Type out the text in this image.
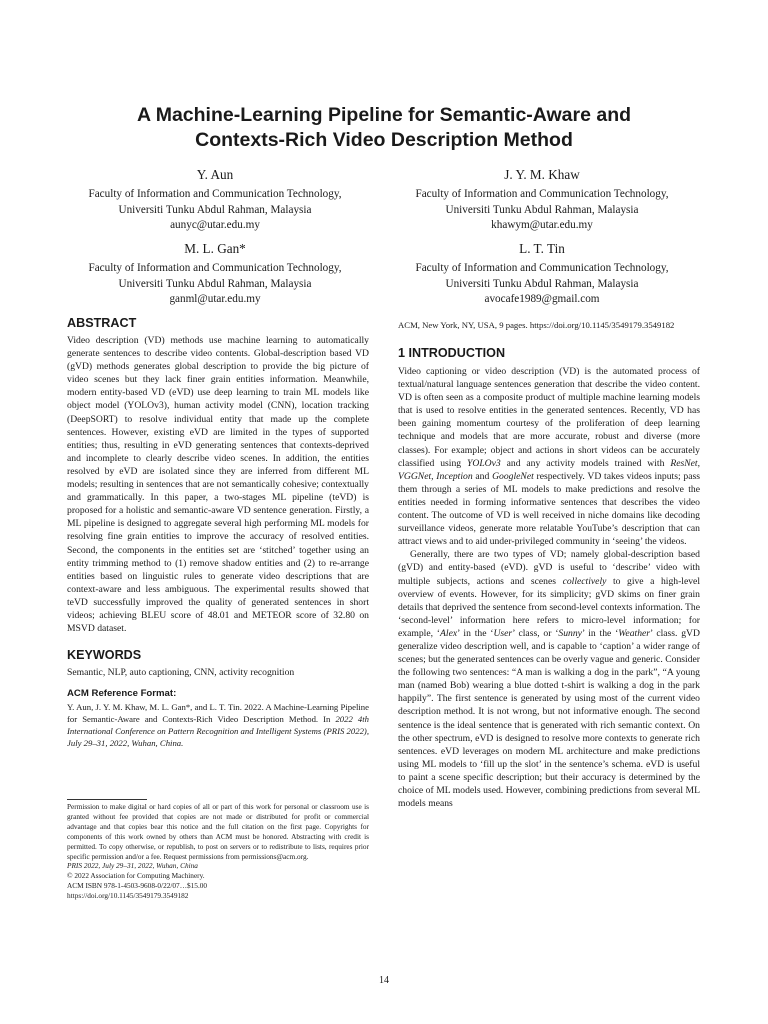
A Machine-Learning Pipeline for Semantic-Aware and
Contexts-Rich Video Description Method
Y. Aun
Faculty of Information and Communication Technology,
Universiti Tunku Abdul Rahman, Malaysia
aunyc@utar.edu.my
J. Y. M. Khaw
Faculty of Information and Communication Technology,
Universiti Tunku Abdul Rahman, Malaysia
khawym@utar.edu.my
M. L. Gan*
Faculty of Information and Communication Technology,
Universiti Tunku Abdul Rahman, Malaysia
ganml@utar.edu.my
L. T. Tin
Faculty of Information and Communication Technology,
Universiti Tunku Abdul Rahman, Malaysia
avocafe1989@gmail.com
ABSTRACT

Video description (VD) methods use machine learning to automatically generate sentences to describe video contents. Global-description based VD (gVD) methods generates global description to provide the big picture of video scenes but they lack finer grain entities information. Meanwhile, modern entity-based VD (eVD) use deep learning to train ML models like object model (YOLOv3), human activity model (CNN), location tracking (DeepSORT) to resolve individual entity that made up the complete sentences. However, existing eVD are limited in the types of supported entities; thus, resulting in eVD generating sentences that contexts-deprived and incomplete to clearly describe video scenes. In addition, the entities resolved by eVD are isolated since they are inferred from different ML models; resulting in sentences that are not semantically cohesive; contextually and grammatically. In this paper, a two-stages ML pipeline (teVD) is proposed for a holistic and semantic-aware VD sentence generation. Firstly, a ML pipeline is designed to aggregate several high performing ML models for resolving fine grain entities to improve the accuracy of resolved entities. Second, the components in the entities set are ‘stitched’ together using an entity trimming method to (1) remove shadow entities and (2) to re-arrange entities based on linguistic rules to generate video descriptions that are context-aware and less ambiguous. The experimental results showed that teVD successfully improved the quality of generated sentences in short videos; achieving BLEU score of 48.01 and METEOR score of 32.80 on MSVD dataset.

KEYWORDS

Semantic, NLP, auto captioning, CNN, activity recognition

ACM Reference Format:

Y. Aun, J. Y. M. Khaw, M. L. Gan*, and L. T. Tin. 2022. A Machine-Learning Pipeline for Semantic-Aware and Contexts-Rich Video Description Method. In 2022 4th International Conference on Pattern Recognition and Intelligent Systems (PRIS 2022), July 29–31, 2022, Wuhan, China.

Permission to make digital or hard copies of all or part of this work for personal or classroom use is granted without fee provided that copies are not made or distributed for profit or commercial advantage and that copies bear this notice and the full citation on the first page. Copyrights for components of this work owned by others than ACM must be honored. Abstracting with credit is permitted. To copy otherwise, or republish, to post on servers or to redistribute to lists, requires prior specific permission and/or a fee. Request permissions from permissions@acm.org.

PRIS 2022, July 29–31, 2022, Wuhan, China

© 2022 Association for Computing Machinery.

ACM ISBN 978-1-4503-9608-0/22/07…$15.00

https://doi.org/10.1145/3549179.3549182

ACM, New York, NY, USA, 9 pages. https://doi.org/10.1145/3549179.3549182

1 INTRODUCTION

Video captioning or video description (VD) is the automated process of textual/natural language sentences generation that describe the video content. VD is often seen as a composite product of multiple machine learning models that is used to resolve entities in the generated sentences. Recently, VD has been gaining momentum courtesy of the proliferation of deep learning technique and models that are more accurate, robust and diverse (more classes). For example; object and actions in short videos can be accurately classified using YOLOv3 and any activity models trained with ResNet, VGGNet, Inception and GoogleNet respectively. VD takes videos inputs; pass them through a series of ML models to make predictions and resolve the entities needed in forming informative sentences that describes the video content. The outcome of VD is well received in niche domains like decoding surveillance videos, generate more relatable YouTube’s description that can attract views and to aid under-privileged community in ‘seeing’ the videos.

Generally, there are two types of VD; namely global-description based (gVD) and entity-based (eVD). gVD is useful to ‘describe’ video with multiple subjects, actions and scenes collectively to give a high-level overview of events. However, for its simplicity; gVD skims on finer grain details that deprived the sentence from second-level contexts information. The ‘second-level’ information here refers to micro-level information; for example, ‘Alex’ in the ‘User’ class, or ‘Sunny’ in the ‘Weather’ class. gVD generalize video description well, and is capable to ‘caption’ a wider range of scenes; but the generated sentences can be overly vague and generic. Consider the following two sentences: “A man is walking a dog in the park”, “A young man (named Bob) wearing a blue dotted t-shirt is walking a dog in the park happily”. The first sentence is generated by using most of the current video description method. It is not wrong, but not informative enough. The second sentence is the ideal sentence that is generated with rich semantic context. On the other spectrum, eVD is designed to resolve more contexts to generate rich sentences. eVD leverages on modern ML architecture and make predictions using ML models to ‘fill up the slot’ in the sentence’s schema. eVD is useful to paint a scene specific description; but their accuracy is determined by the choice of ML models used. However, combining predictions from several ML models means

14
